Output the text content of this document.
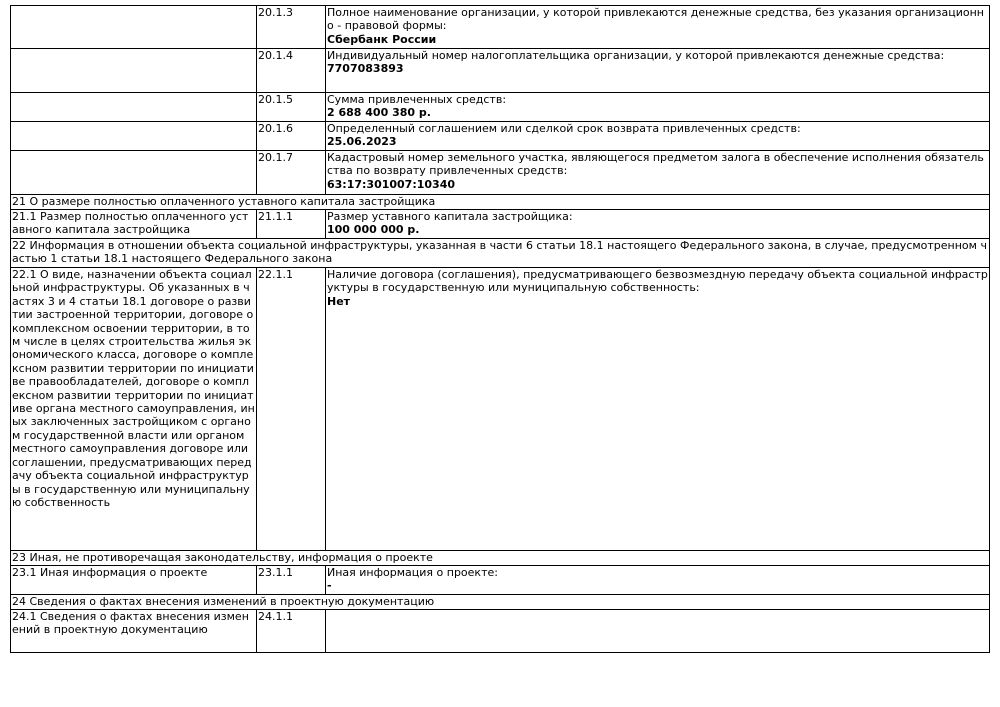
	20.1.3	Полное наименование организации, у которой привлекаются денежные средства, без указания организационно - правовой формы:
Сбербанк России

	20.1.4	Индивидуальный номер налогоплательщика организации, у которой привлекаются денежные средства:
7707083893

	20.1.5	Сумма привлеченных средств:
2 688 400 380 р.

	20.1.6	Определенный соглашением или сделкой срок возврата привлеченных средств:
25.06.2023

	20.1.7	Кадастровый номер земельного участка, являющегося предметом залога в обеспечение исполнения обязательства по возврату привлеченных средств:
63:17:301007:10340

21 О размере полностью оплаченного уставного капитала застройщика		
21.1 Размер полностью оплаченного уставного капитала застройщика	21.1.1	Размер уставного капитала застройщика:
100 000 000 р.

22 Информация в отношении объекта социальной инфраструктуры, указанная в части 6 статьи 18.1 настоящего Федерального закона, в случае, предусмотренном частью 1 статьи 18.1 настоящего Федерального закона		
22.1 О виде, назначении объекта социальной инфраструктуры. Об указанных в частях 3 и 4 статьи 18.1 договоре о развитии застроенной территории, договоре о комплексном освоении территории, в том числе в целях строительства жилья экономического класса, договоре о комплексном развитии территории по инициативе правообладателей, договоре о комплексном развитии территории по инициативе органа местного самоуправления, иных заключенных застройщиком с органом государственной власти или органом местного самоуправления договоре или соглашении, предусматривающих передачу объекта социальной инфраструктуры в государственную или муниципальную собственность	22.1.1	Наличие договора (соглашения), предусматривающего безвозмездную передачу объекта социальной инфраструктуры в государственную или муниципальную собственность:
Нет

23 Иная, не противоречащая законодательству, информация о проекте		
23.1 Иная информация о проекте	23.1.1	Иная информация о проекте:
-

24 Сведения о фактах внесения изменений в проектную документацию		
24.1 Сведения о фактах внесения изменений в проектную документацию	24.1.1	
